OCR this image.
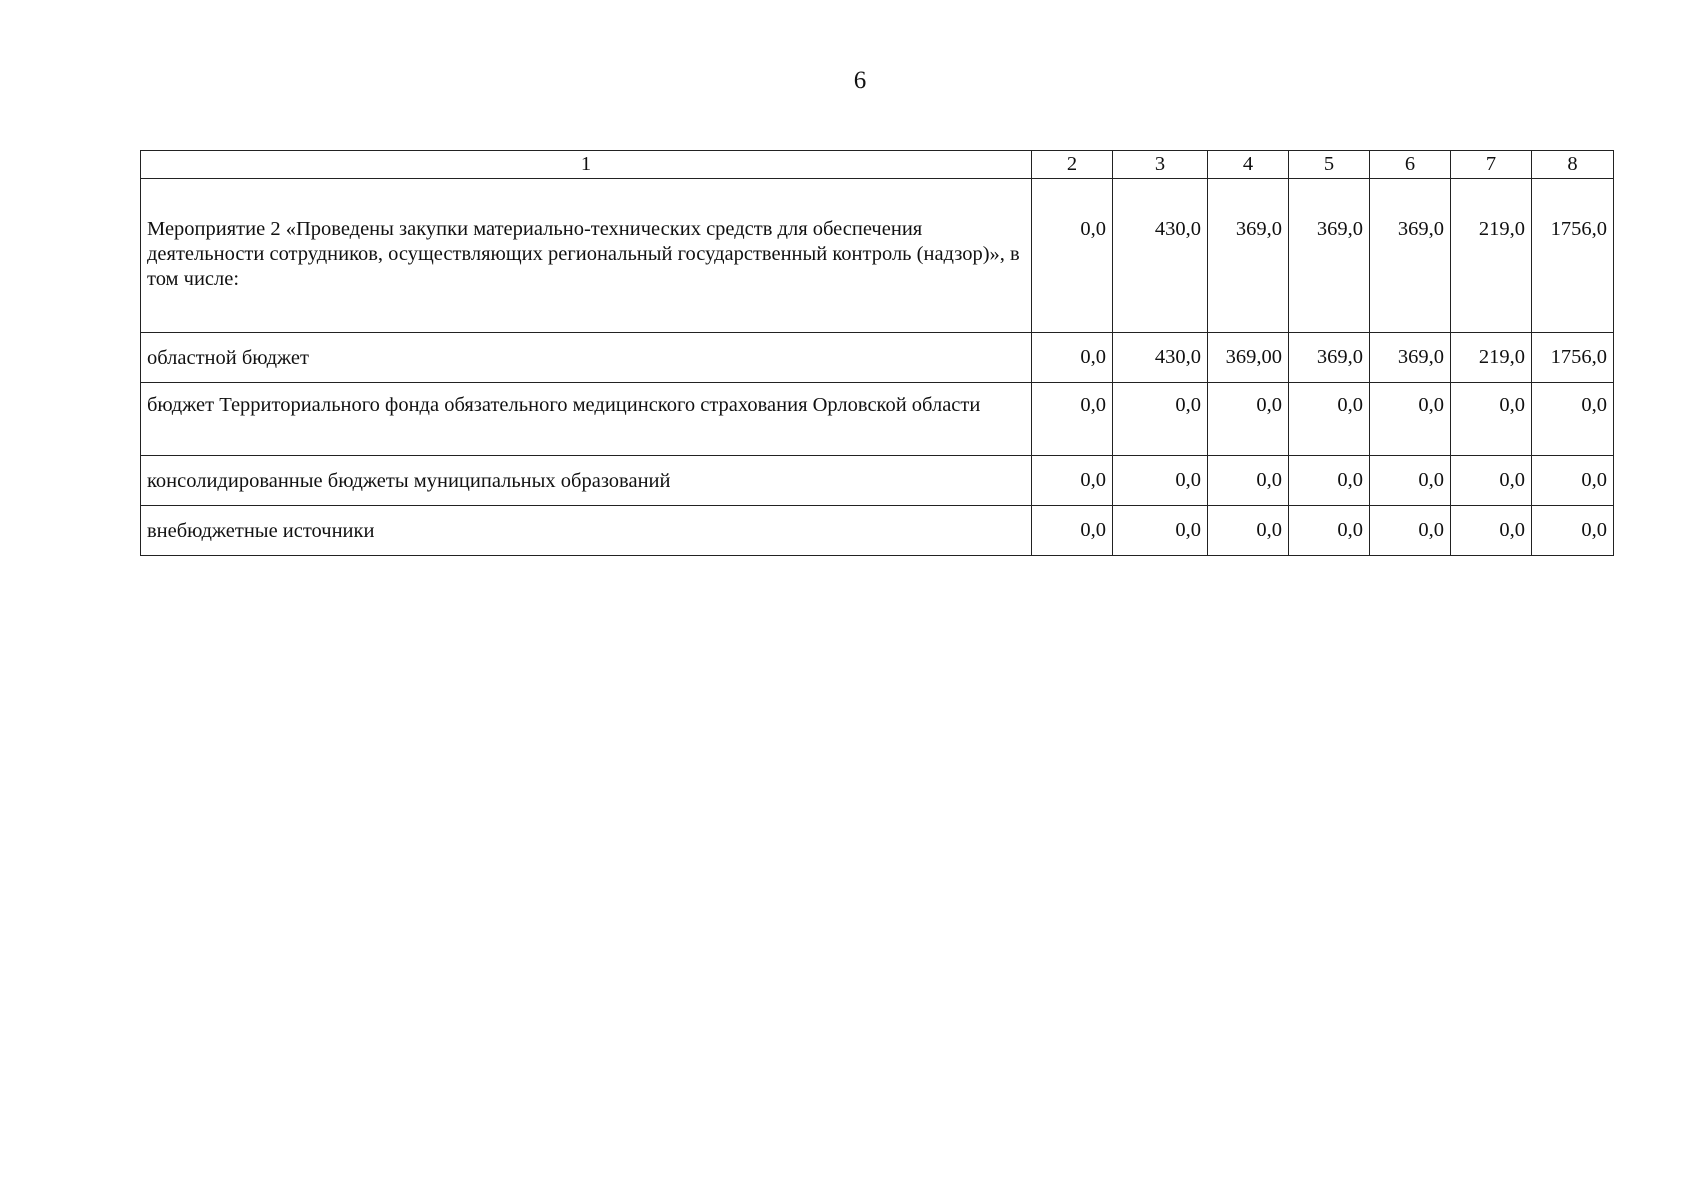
6
1	2	3	4	5	6	7	8
Мероприятие 2 «Проведены закупки материально-технических средств для обеспечения деятельности сотрудников, осуществляющих региональный государственный контроль (надзор)», в том числе:	0,0	430,0	369,0	369,0	369,0	219,0	1756,0
областной бюджет	0,0	430,0	369,00	369,0	369,0	219,0	1756,0
бюджет Территориального фонда обязательного медицинского страхования Орловской области	0,0	0,0	0,0	0,0	0,0	0,0	0,0
консолидированные бюджеты муниципальных образований	0,0	0,0	0,0	0,0	0,0	0,0	0,0
внебюджетные источники	0,0	0,0	0,0	0,0	0,0	0,0	0,0
